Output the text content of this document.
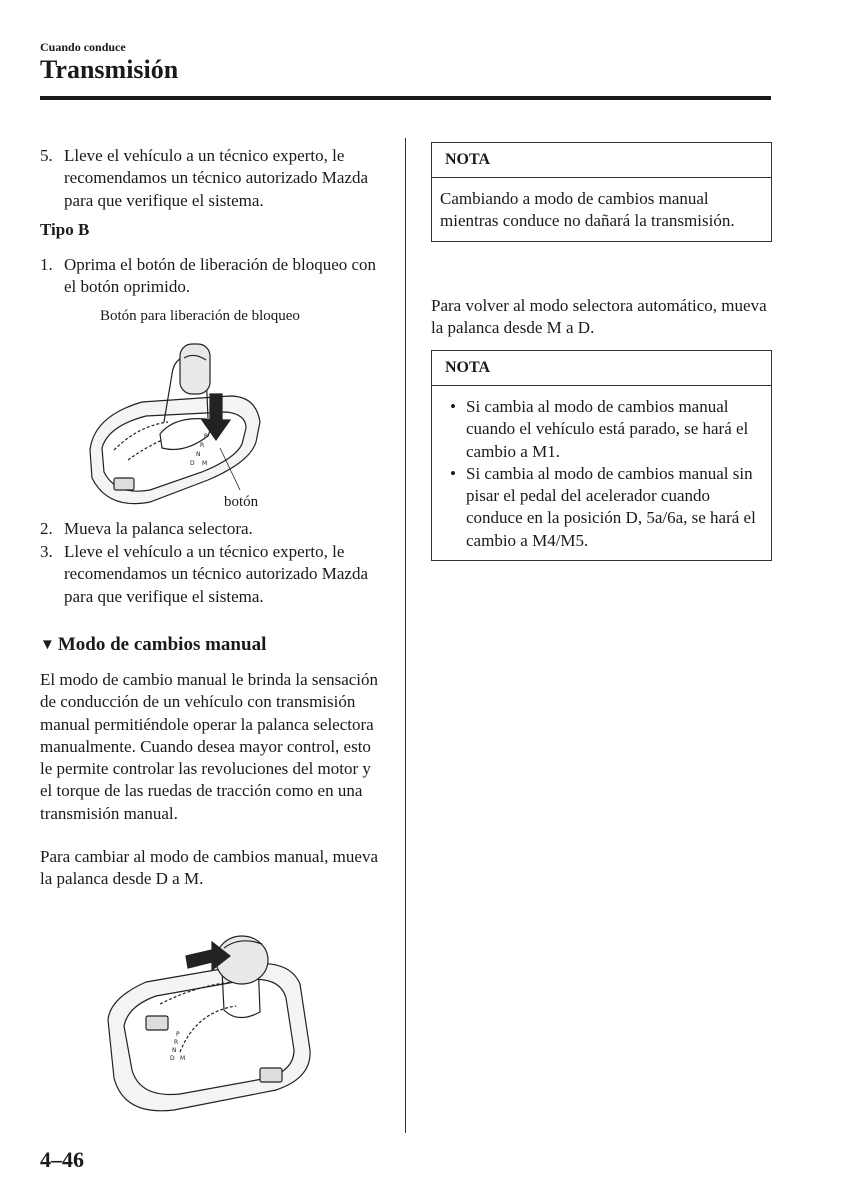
Cuando conduce
Transmisión
5. Lleve el vehículo a un técnico experto, le recomendamos un técnico autorizado Mazda para que verifique el sistema.
Tipo B
1. Oprima el botón de liberación de bloqueo con el botón oprimido.
Botón para liberación de bloqueo
P
R
N
D M
botón
2. Mueva la palanca selectora.
3. Lleve el vehículo a un técnico experto, le recomendamos un técnico autorizado Mazda para que verifique el sistema.
▼ Modo de cambios manual
El modo de cambio manual le brinda la sensación de conducción de un vehículo con transmisión manual permitiéndole operar la palanca selectora manualmente. Cuando desea mayor control, esto le permite controlar las revoluciones del motor y el torque de las ruedas de tracción como en una transmisión manual.
Para cambiar al modo de cambios manual, mueva la palanca desde D a M.
P
R
N
D M
NOTA
Cambiando a modo de cambios manual mientras conduce no dañará la transmisión.
Para volver al modo selectora automático, mueva la palanca desde M a D.
NOTA
• Si cambia al modo de cambios manual cuando el vehículo está parado, se hará el cambio a M1.
• Si cambia al modo de cambios manual sin pisar el pedal del acelerador cuando conduce en la posición D, 5a/6a, se hará el cambio a M4/M5.
4–46
